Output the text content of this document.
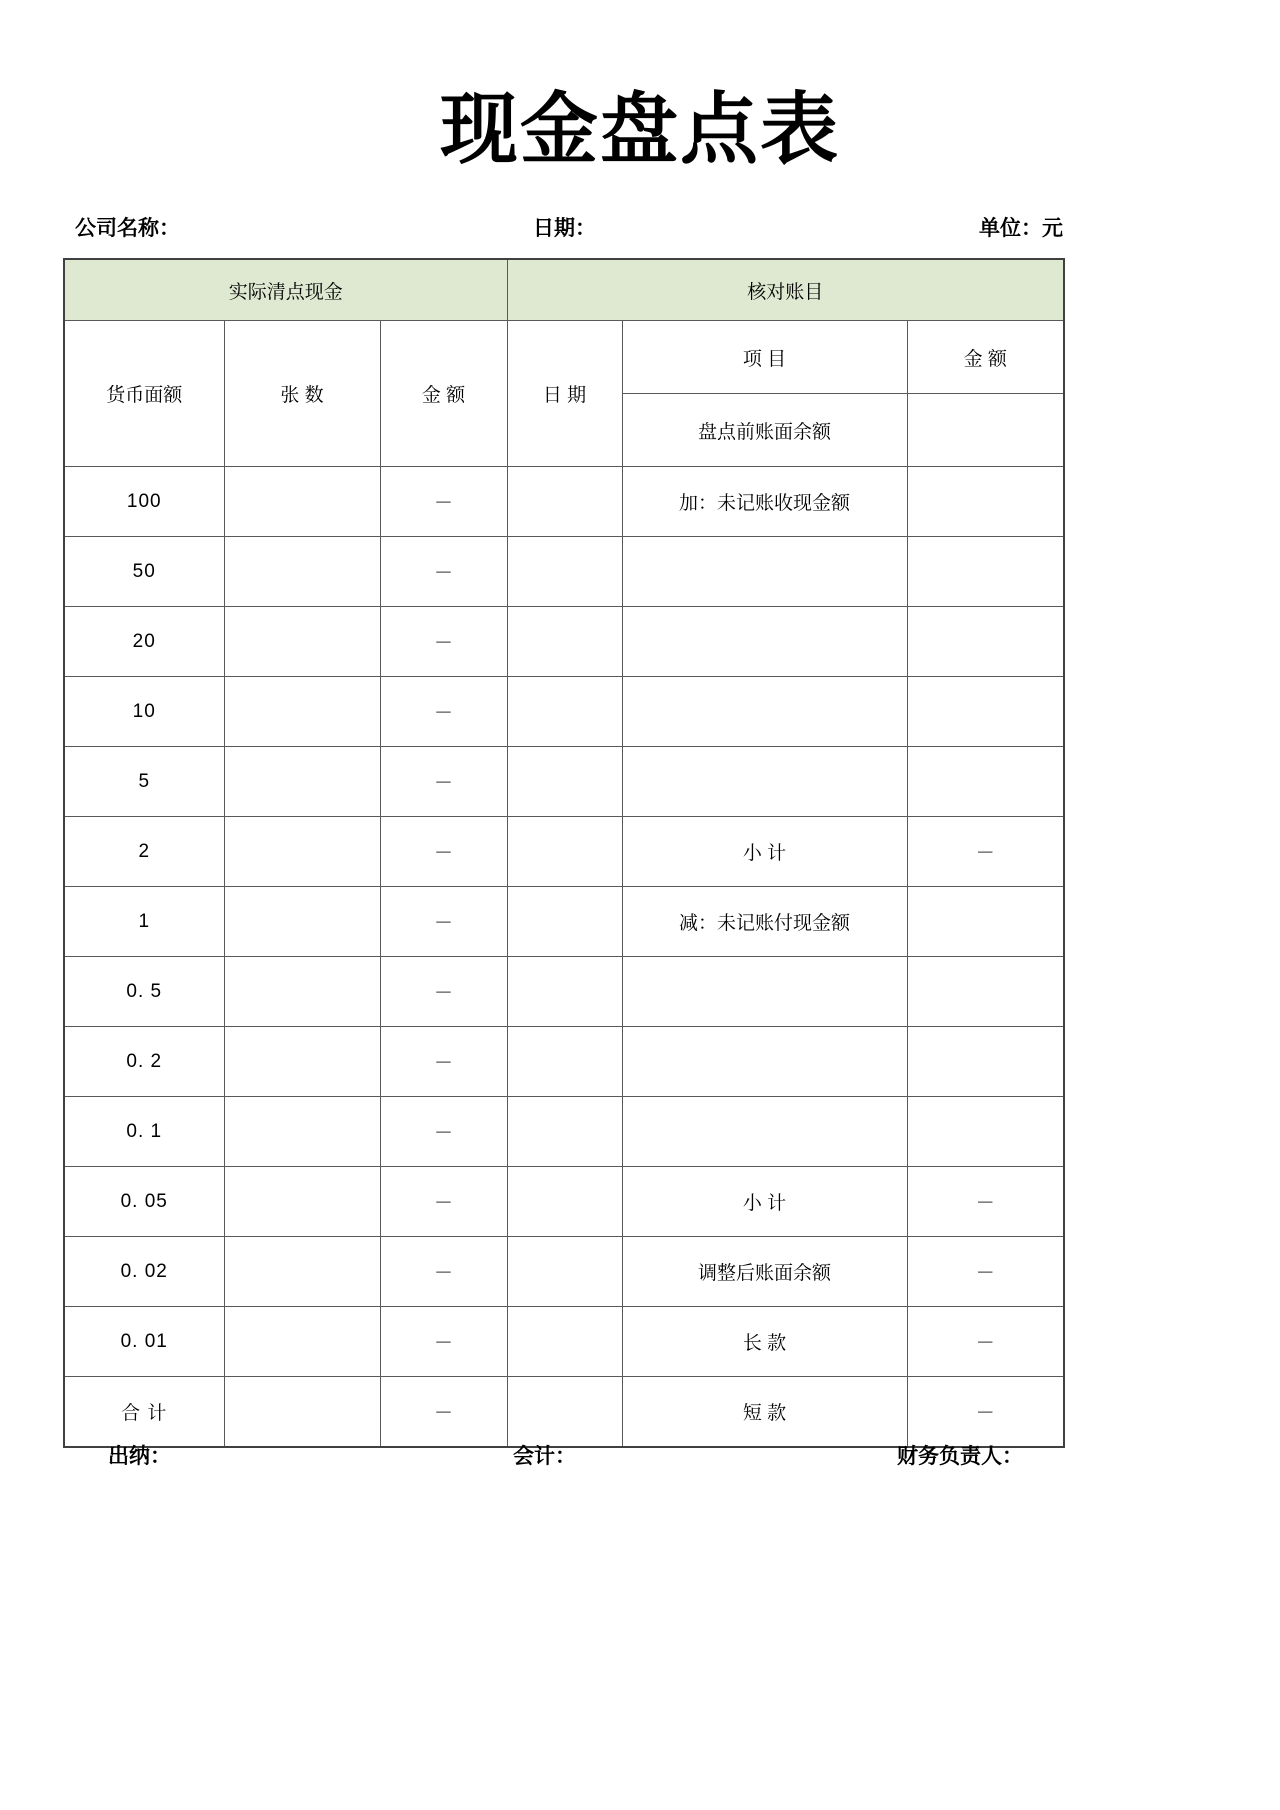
现金盘点表
公司名称：	日期：	单位：元
实际清点现金			核对账目		
货币面额	张 数	金 额	日 期	项 目	金 额
				盘点前账面余额	
100		－		加：未记账收现金额	
50		－			
20		－			
10		－			
5		－			
2		－		小 计	－
1		－		减：未记账付现金额	
0. 5		－			
0. 2		－			
0. 1		－			
0. 05		－		小 计	－
0. 02		－		调整后账面余额	－
0. 01		－		长 款	－
合 计		－		短 款	－
出纳：	会计：	财务负责人：
